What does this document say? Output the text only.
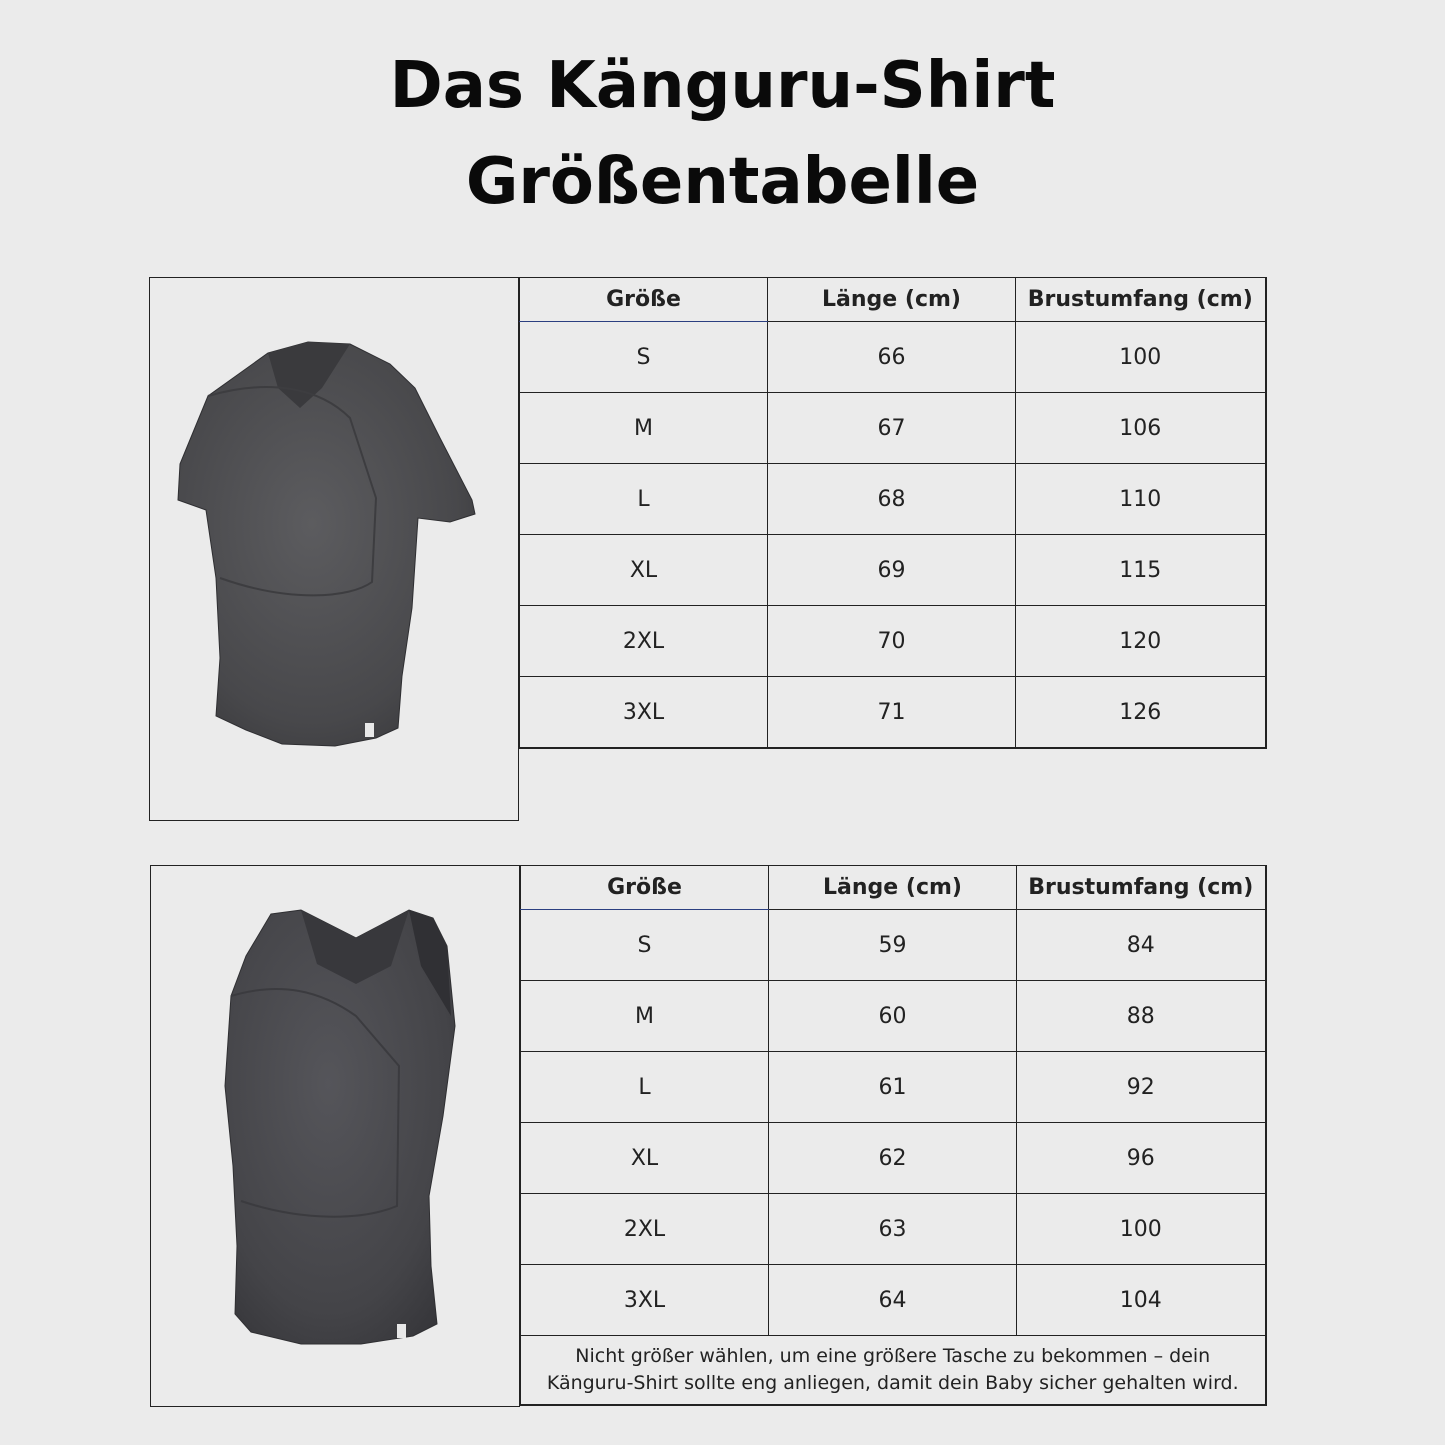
Das Känguru-Shirt
Größentabelle
Größe	Länge (cm)	Brustumfang (cm)
S	66	100
M	67	106
L	68	110
XL	69	115
2XL	70	120
3XL	71	126
Größe	Länge (cm)	Brustumfang (cm)
S	59	84
M	60	88
L	61	92
XL	62	96
2XL	63	100
3XL	64	104
Nicht größer wählen, um eine größere Tasche zu bekommen – dein Känguru-Shirt sollte eng anliegen, damit dein Baby sicher gehalten wird.		
